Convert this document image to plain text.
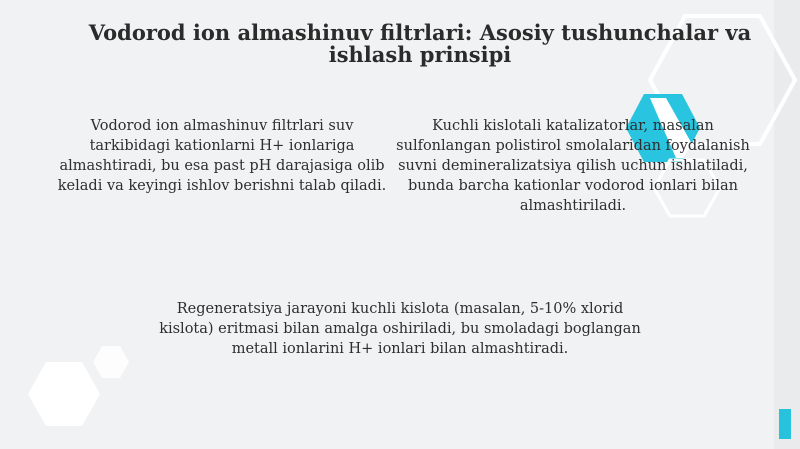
Vodorod ion almashinuv filtrlari: Asosiy tushunchalar va ishlash prinsipi

Vodorod ion almashinuv filtrlari suv tarkibidagi kationlarni H+ ionlariga almashtiradi, bu esa past pH darajasiga olib keladi va keyingi ishlov berishni talab qiladi.

Kuchli kislotali katalizatorlar, masalan sulfonlangan polistirol smolalaridan foydalanish suvni demineralizatsiya qilish uchun ishlatiladi, bunda barcha kationlar vodorod ionlari bilan almashtiriladi.

Regeneratsiya jarayoni kuchli kislota (masalan, 5-10% xlorid kislota) eritmasi bilan amalga oshiriladi, bu smoladagi boglangan metall ionlarini H+ ionlari bilan almashtiradi.
